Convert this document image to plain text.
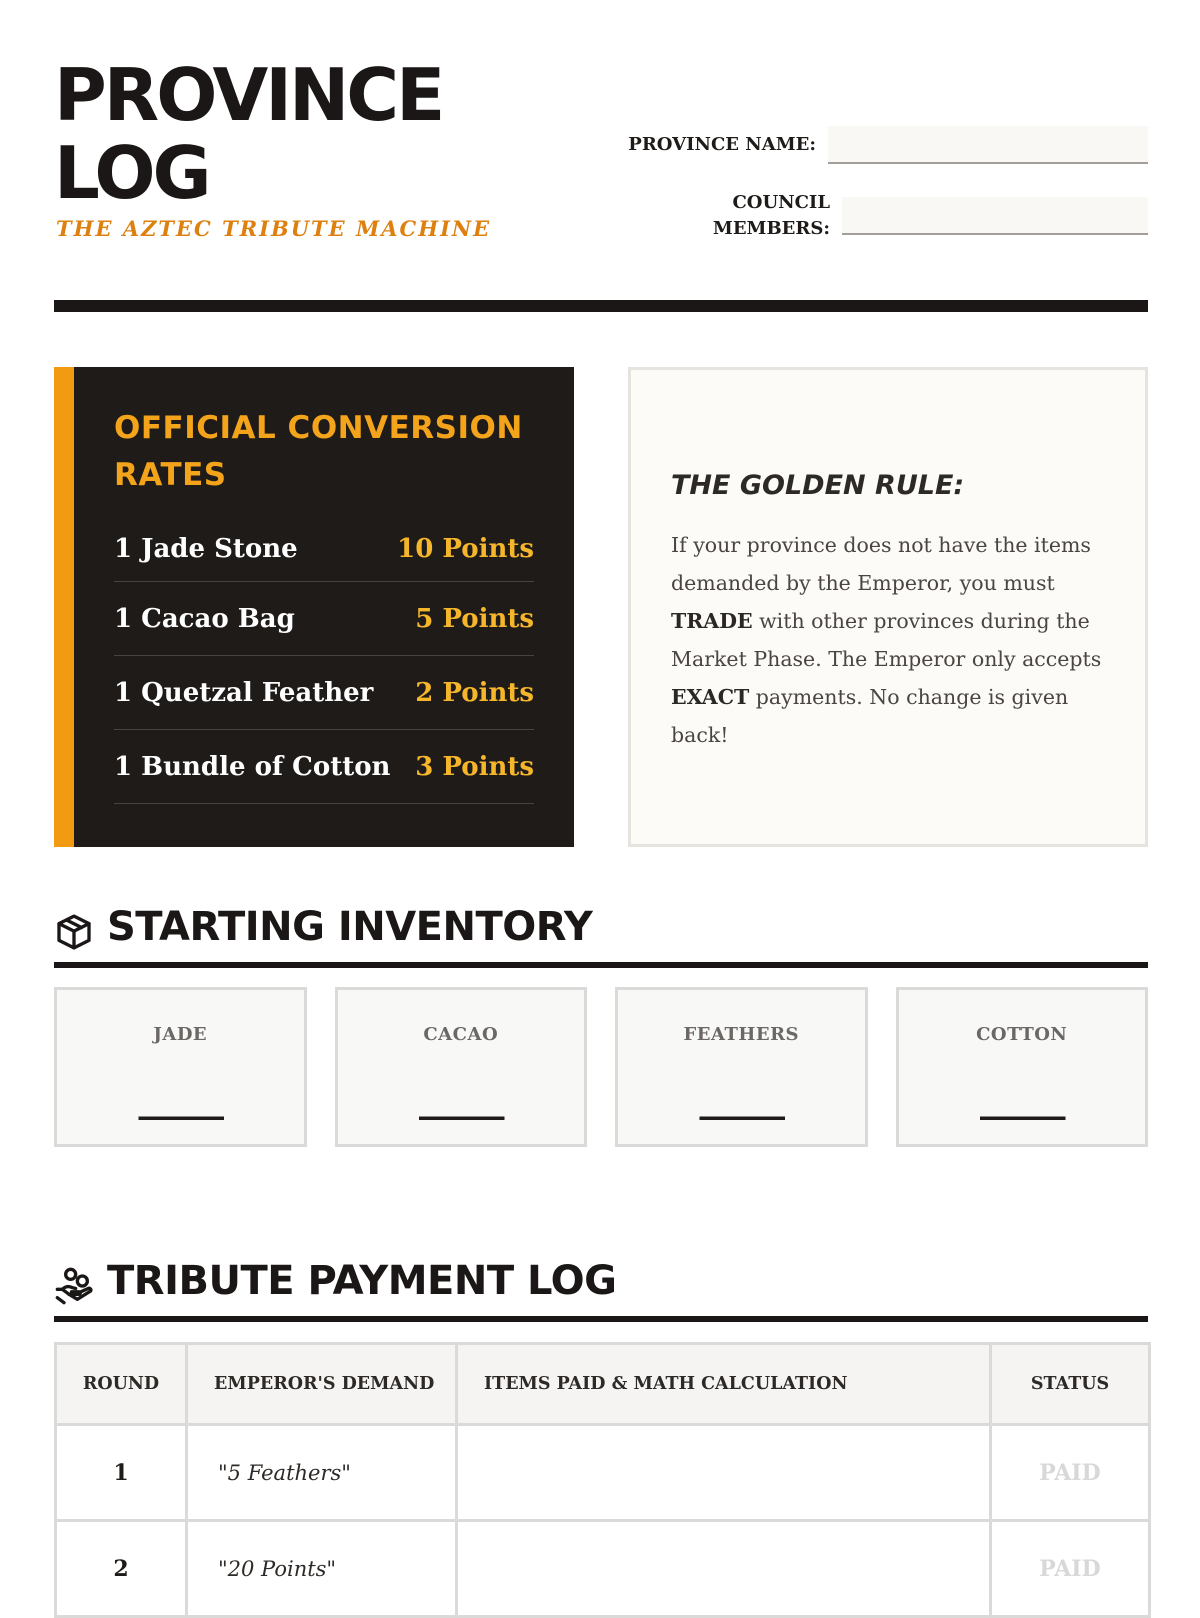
PROVINCE
LOG
THE AZTEC TRIBUTE MACHINE
PROVINCE NAME:
COUNCIL
MEMBERS:
OFFICIAL CONVERSION RATES
1 Jade Stone	10 Points
1 Cacao Bag	5 Points
1 Quetzal Feather 2 Points
1 Bundle of Cotton 3 Points
THE GOLDEN RULE:

If your province does not have the items demanded by the Emperor, you must TRADE with other provinces during the Market Phase. The Emperor only accepts EXACT payments. No change is given back!

STARTING INVENTORY
JADE
____
CACAO
____
FEATHERS
____
COTTON
____
TRIBUTE PAYMENT LOG
ROUND	EMPEROR'S DEMAND	ITEMS PAID & MATH CALCULATION	STATUS
1	"5 Feathers"		PAID
2	"20 Points"		PAID
